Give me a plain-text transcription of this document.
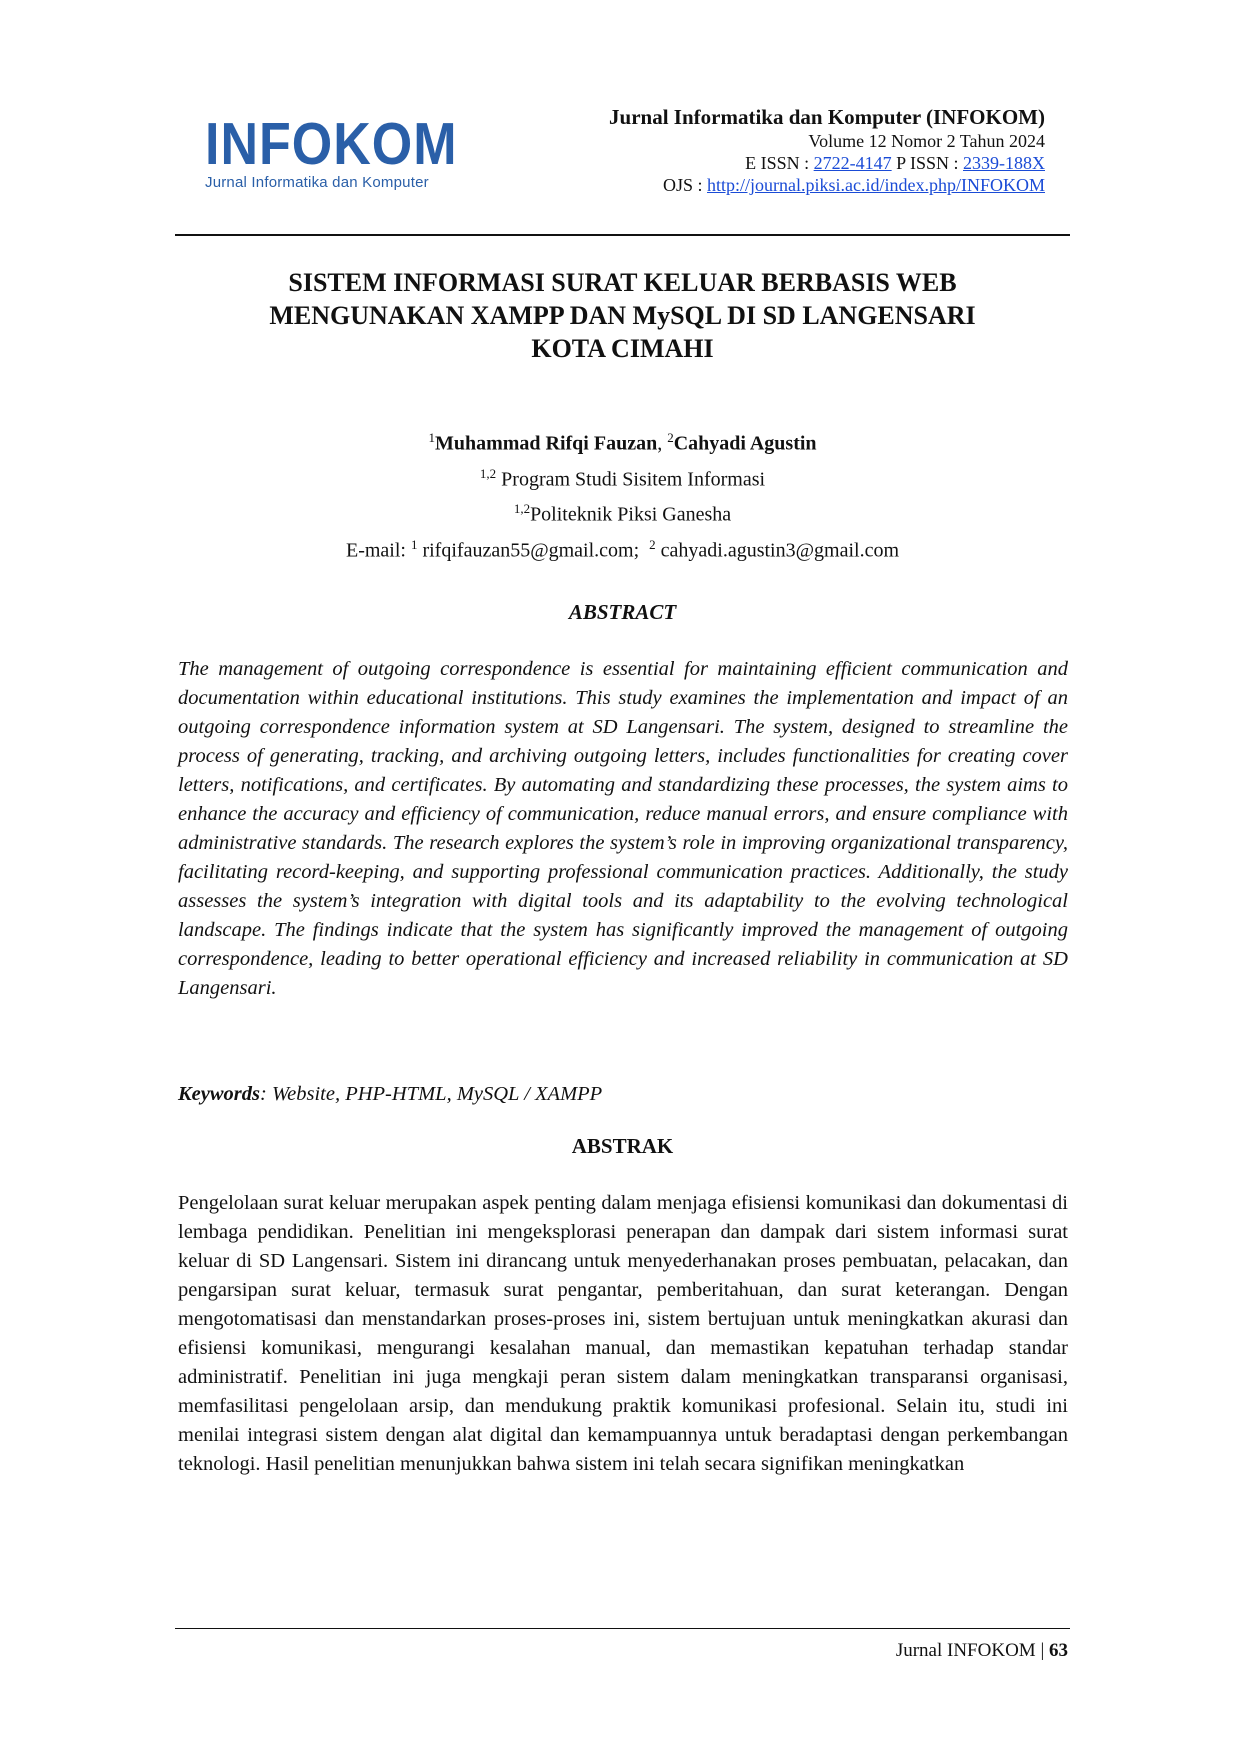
INFOKOM
Jurnal Informatika dan Komputer
Jurnal Informatika dan Komputer (INFOKOM)
Volume 12 Nomor 2 Tahun 2024
E ISSN : 2722-4147 P ISSN : 2339-188X
OJS : http://journal.piksi.ac.id/index.php/INFOKOM
SISTEM INFORMASI SURAT KELUAR BERBASIS WEB
MENGUNAKAN XAMPP DAN MySQL DI SD LANGENSARI
KOTA CIMAHI
$^1$Muhammad Rifqi Fauzan, $^2$Cahyadi Agustin
$^{1,2}$ Program Studi Sisitem Informasi
$^{1,2}$Politeknik Piksi Ganesha
E-mail: $^1$ rifqifauzan55@gmail.com; $^2$ cahyadi.agustin3@gmail.com
ABSTRACT
The management of outgoing correspondence is essential for maintaining efficient communication and documentation within educational institutions. This study examines the implementation and impact of an outgoing correspondence information system at SD Langensari. The system, designed to streamline the process of generating, tracking, and archiving outgoing letters, includes functionalities for creating cover letters, notifications, and certificates. By automating and standardizing these processes, the system aims to enhance the accuracy and efficiency of communication, reduce manual errors, and ensure compliance with administrative standards. The research explores the system’s role in improving organizational transparency, facilitating record-keeping, and supporting professional communication practices. Additionally, the study assesses the system’s integration with digital tools and its adaptability to the evolving technological landscape. The findings indicate that the system has significantly improved the management of outgoing correspondence, leading to better operational efficiency and increased reliability in communication at SD Langensari.
Keywords: Website, PHP-HTML, MySQL / XAMPP
ABSTRAK
Pengelolaan surat keluar merupakan aspek penting dalam menjaga efisiensi komunikasi dan dokumentasi di lembaga pendidikan. Penelitian ini mengeksplorasi penerapan dan dampak dari sistem informasi surat keluar di SD Langensari. Sistem ini dirancang untuk menyederhanakan proses pembuatan, pelacakan, dan pengarsipan surat keluar, termasuk surat pengantar, pemberitahuan, dan surat keterangan. Dengan mengotomatisasi dan menstandarkan proses-proses ini, sistem bertujuan untuk meningkatkan akurasi dan efisiensi komunikasi, mengurangi kesalahan manual, dan memastikan kepatuhan terhadap standar administratif. Penelitian ini juga mengkaji peran sistem dalam meningkatkan transparansi organisasi, memfasilitasi pengelolaan arsip, dan mendukung praktik komunikasi profesional. Selain itu, studi ini menilai integrasi sistem dengan alat digital dan kemampuannya untuk beradaptasi dengan perkembangan teknologi. Hasil penelitian menunjukkan bahwa sistem ini telah secara signifikan meningkatkan
Jurnal INFOKOM | 63
